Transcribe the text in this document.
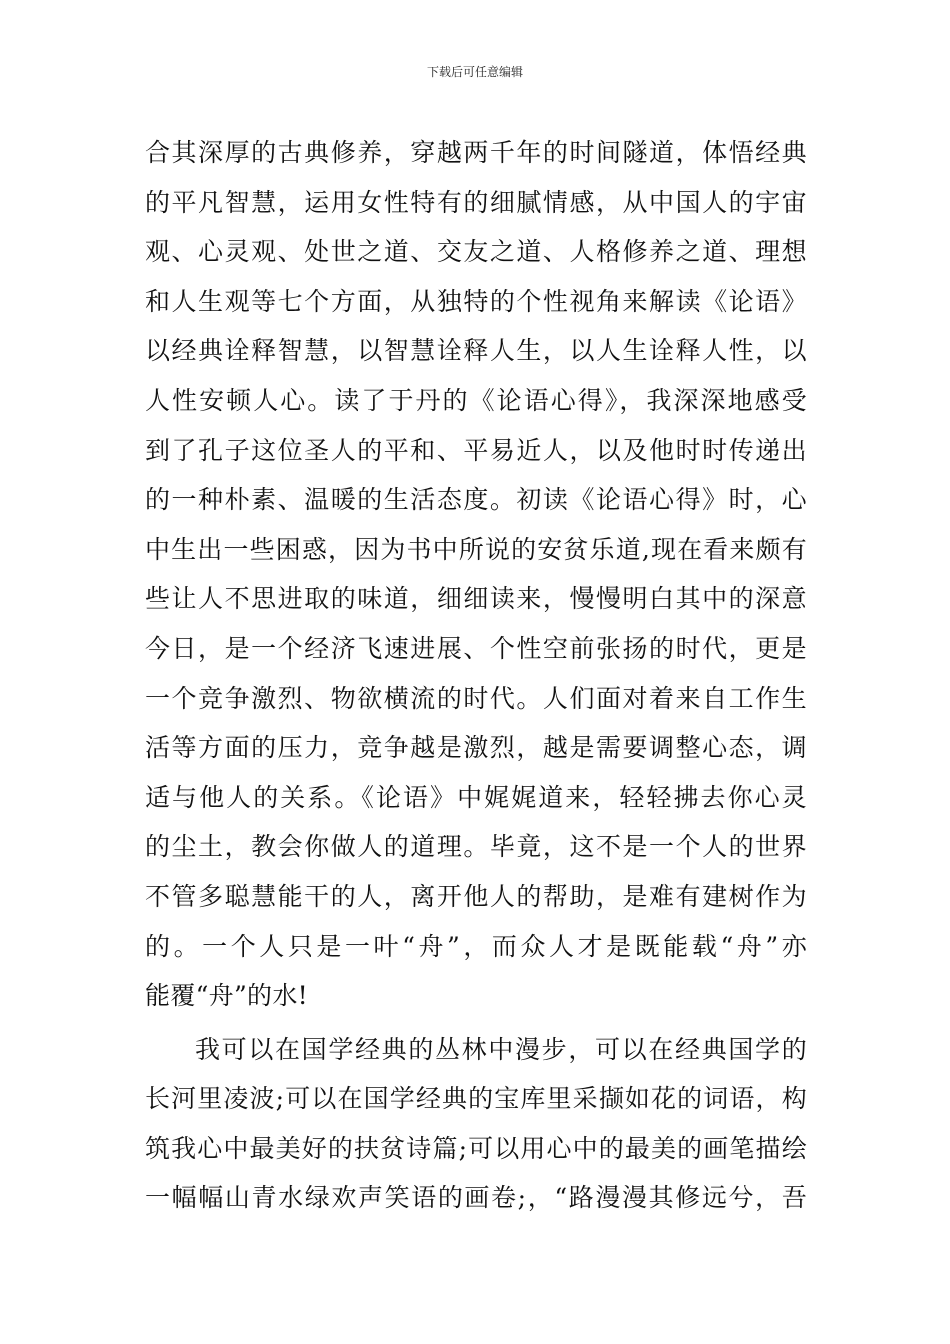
下载后可任意编辑
合其深厚的古典修养，穿越两千年的时间隧道，体悟经典
的平凡智慧，运用女性特有的细腻情感，从中国人的宇宙
观、心灵观、处世之道、交友之道、人格修养之道、理想
和人生观等七个方面，从独特的个性视角来解读《论语》
以经典诠释智慧，以智慧诠释人生，以人生诠释人性，以
人性安顿人心。读了于丹的《论语心得》，我深深地感受
到了孔子这位圣人的平和、平易近人，以及他时时传递出
的一种朴素、温暖的生活态度。初读《论语心得》时，心
中生出一些困惑，因为书中所说的安贫乐道,现在看来颇有
些让人不思进取的味道，细细读来，慢慢明白其中的深意
今日，是一个经济飞速进展、个性空前张扬的时代，更是
一个竞争激烈、物欲横流的时代。人们面对着来自工作生
活等方面的压力，竞争越是激烈，越是需要调整心态，调
适与他人的关系。《论语》中娓娓道来，轻轻拂去你心灵
的尘土，教会你做人的道理。毕竟，这不是一个人的世界
不管多聪慧能干的人，离开他人的帮助，是难有建树作为
的。一个人只是一叶“舟”，而众人才是既能载“舟”亦
能覆“舟”的水!
我可以在国学经典的丛林中漫步，可以在经典国学的
长河里凌波;可以在国学经典的宝库里采撷如花的词语，构
筑我心中最美好的扶贫诗篇;可以用心中的最美的画笔描绘
一幅幅山青水绿欢声笑语的画卷;，“路漫漫其修远兮，吾
